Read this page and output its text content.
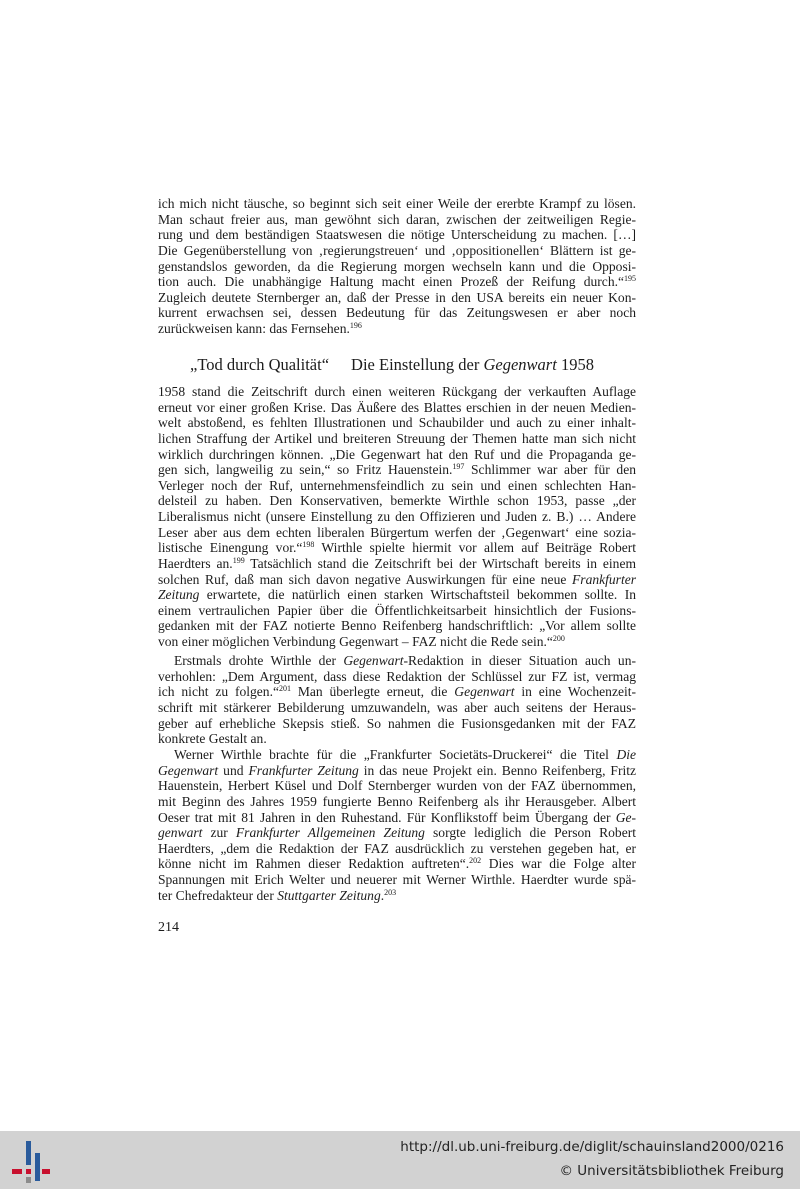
ich mich nicht täusche, so beginnt sich seit einer Weile der ererbte Krampf zu lösen.
Man schaut freier aus, man gewöhnt sich daran, zwischen der zeitweiligen Regie-
rung und dem beständigen Staatswesen die nötige Unterscheidung zu machen. […]
Die Gegenüberstellung von ‚regierungstreuen‘ und ‚oppositionellen‘ Blättern ist ge-
genstandslos geworden, da die Regierung morgen wechseln kann und die Opposi-
tion auch. Die unabhängige Haltung macht einen Prozeß der Reifung durch.“$^{195}$
Zugleich deutete Sternberger an, daß der Presse in den USA bereits ein neuer Kon-
kurrent erwachsen sei, dessen Bedeutung für das Zeitungswesen er aber noch
zurückweisen kann: das Fernsehen.$^{196}$
„Tod durch Qualität“ Die Einstellung der Gegenwart 1958
1958 stand die Zeitschrift durch einen weiteren Rückgang der verkauften Auflage
erneut vor einer großen Krise. Das Äußere des Blattes erschien in der neuen Medien-
welt abstoßend, es fehlten Illustrationen und Schaubilder und auch zu einer inhalt-
lichen Straffung der Artikel und breiteren Streuung der Themen hatte man sich nicht
wirklich durchringen können. „Die Gegenwart hat den Ruf und die Propaganda ge-
gen sich, langweilig zu sein,“ so Fritz Hauenstein.$^{197}$ Schlimmer war aber für den
Verleger noch der Ruf, unternehmensfeindlich zu sein und einen schlechten Han-
delsteil zu haben. Den Konservativen, bemerkte Wirthle schon 1953, passe „der
Liberalismus nicht (unsere Einstellung zu den Offizieren und Juden z. B.) … Andere
Leser aber aus dem echten liberalen Bürgertum werfen der ‚Gegenwart‘ eine sozia-
listische Einengung vor.“$^{198}$ Wirthle spielte hiermit vor allem auf Beiträge Robert
Haerdters an.$^{199}$ Tatsächlich stand die Zeitschrift bei der Wirtschaft bereits in einem
solchen Ruf, daß man sich davon negative Auswirkungen für eine neue Frankfurter
Zeitung erwartete, die natürlich einen starken Wirtschaftsteil bekommen sollte. In
einem vertraulichen Papier über die Öffentlichkeitsarbeit hinsichtlich der Fusions-
gedanken mit der FAZ notierte Benno Reifenberg handschriftlich: „Vor allem sollte
von einer möglichen Verbindung Gegenwart – FAZ nicht die Rede sein.“$^{200}$
Erstmals drohte Wirthle der Gegenwart-Redaktion in dieser Situation auch un-
verhohlen: „Dem Argument, dass diese Redaktion der Schlüssel zur FZ ist, vermag
ich nicht zu folgen.“$^{201}$ Man überlegte erneut, die Gegenwart in eine Wochenzeit-
schrift mit stärkerer Bebilderung umzuwandeln, was aber auch seitens der Heraus-
geber auf erhebliche Skepsis stieß. So nahmen die Fusionsgedanken mit der FAZ
konkrete Gestalt an.
Werner Wirthle brachte für die „Frankfurter Societäts-Druckerei“ die Titel Die
Gegenwart und Frankfurter Zeitung in das neue Projekt ein. Benno Reifenberg, Fritz
Hauenstein, Herbert Küsel und Dolf Sternberger wurden von der FAZ übernommen,
mit Beginn des Jahres 1959 fungierte Benno Reifenberg als ihr Herausgeber. Albert
Oeser trat mit 81 Jahren in den Ruhestand. Für Konflikstoff beim Übergang der Ge-
genwart zur Frankfurter Allgemeinen Zeitung sorgte lediglich die Person Robert
Haerdters, „dem die Redaktion der FAZ ausdrücklich zu verstehen gegeben hat, er
könne nicht im Rahmen dieser Redaktion auftreten“.$^{202}$ Dies war die Folge alter
Spannungen mit Erich Welter und neuerer mit Werner Wirthle. Haerdter wurde spä-
ter Chefredakteur der Stuttgarter Zeitung.$^{203}$
214
http://dl.ub.uni-freiburg.de/diglit/schauinsland2000/0216
© Universitätsbibliothek Freiburg
